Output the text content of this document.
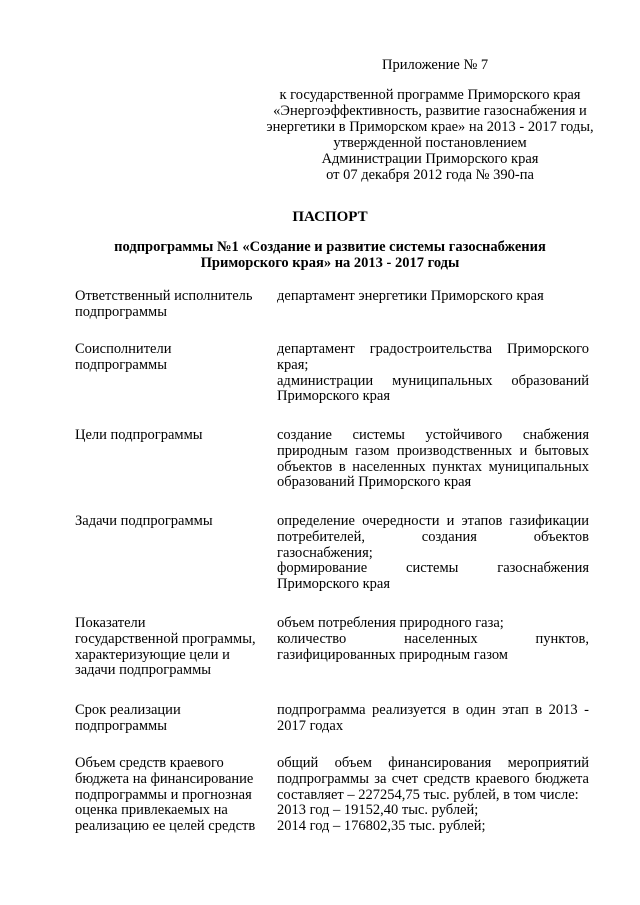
Приложение № 7
к государственной программе Приморского края
«Энергоэффективность, развитие газоснабжения и
энергетики в Приморском крае» на 2013 - 2017 годы,
утвержденной постановлением
Администрации Приморского края
от 07 декабря 2012 года № 390-па
ПАСПОРТ
подпрограммы №1 «Создание и развитие системы газоснабжения
Приморского края» на 2013 - 2017 годы
Ответственный исполнитель
подпрограммы
департамент энергетики Приморского края
Соисполнители
подпрограммы
департамент градостроительства Приморского
края;
администрации муниципальных образований
Приморского края
Цели подпрограммы	создание системы устойчивого снабжения
природным газом производственных и бытовых
объектов в населенных пунктах муниципальных
образований Приморского края
Задачи подпрограммы	определение очередности и этапов газификации
потребителей, создания объектов
газоснабжения;
формирование системы газоснабжения
Приморского края
Показатели
государственной программы,
характеризующие цели и
задачи подпрограммы
объем потребления природного газа;
количество населенных пунктов,
газифицированных природным газом
Срок реализации
подпрограммы
подпрограмма реализуется в один этап в 2013 -
2017 годах
Объем средств краевого
бюджета на финансирование
подпрограммы и прогнозная
оценка привлекаемых на
реализацию ее целей средств
общий объем финансирования мероприятий
подпрограммы за счет средств краевого бюджета
составляет – 227254,75 тыс. рублей, в том числе:
2013 год – 19152,40 тыс. рублей;
2014 год – 176802,35 тыс. рублей;
